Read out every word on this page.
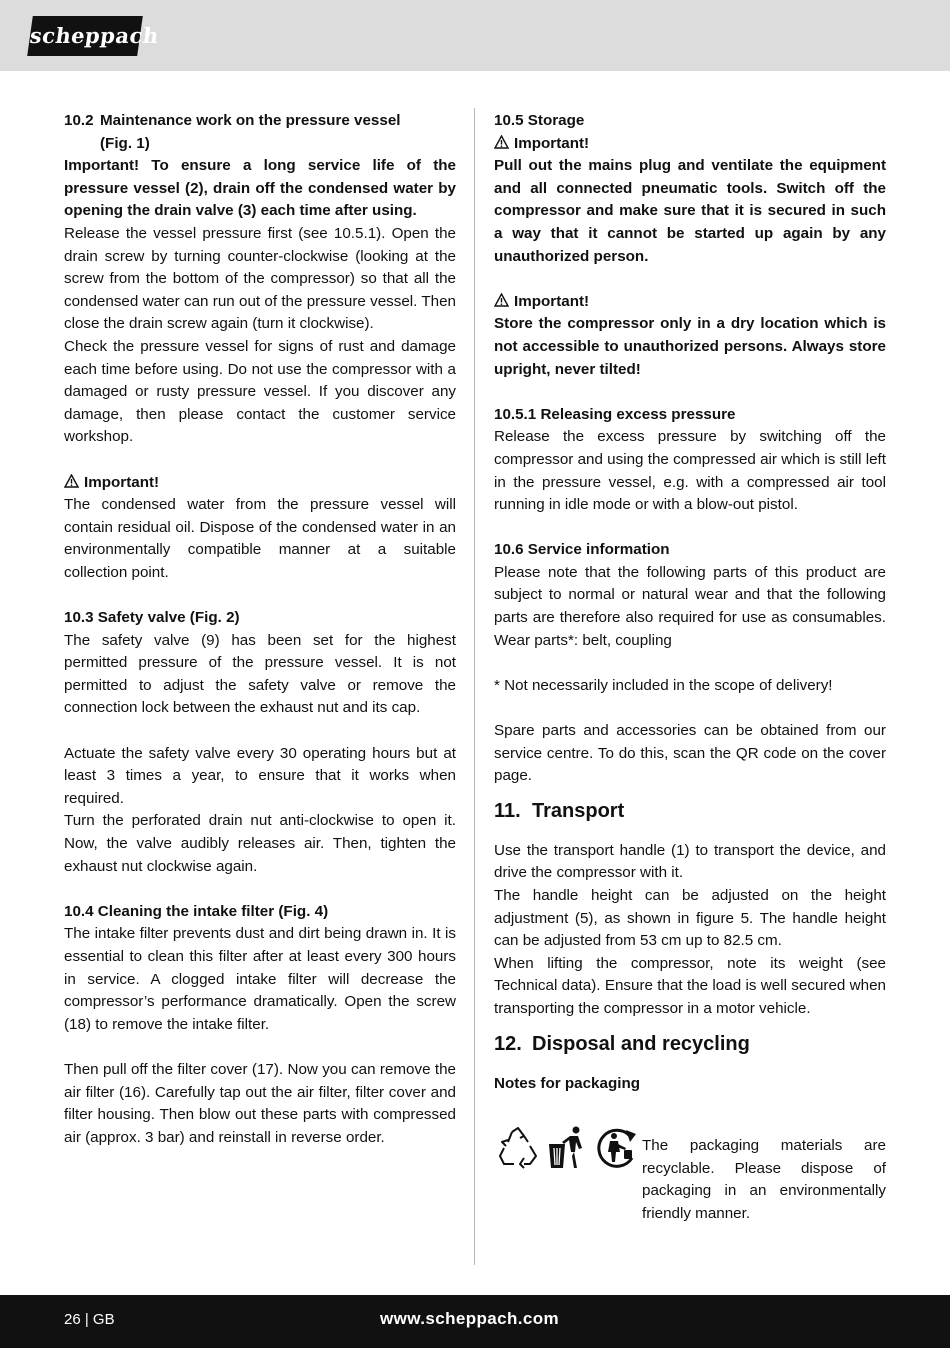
scheppach
10.2 Maintenance work on the pressure vessel
(Fig. 1)

Important! To ensure a long service life of the pressure vessel (2), drain off the condensed water by opening the drain valve (3) each time after using.

Release the vessel pressure first (see 10.5.1). Open the drain screw by turning counter-clockwise (looking at the screw from the bottom of the compressor) so that all the condensed water can run out of the pressure vessel. Then close the drain screw again (turn it clockwise).

Check the pressure vessel for signs of rust and damage each time before using. Do not use the compressor with a damaged or rusty pressure vessel. If you discover any damage, then please contact the customer service workshop.

Important!

The condensed water from the pressure vessel will contain residual oil. Dispose of the condensed water in an environmentally compatible manner at a suitable collection point.

10.3 Safety valve (Fig. 2)

The safety valve (9) has been set for the highest permitted pressure of the pressure vessel. It is not permitted to adjust the safety valve or remove the connection lock between the exhaust nut and its cap.

Actuate the safety valve every 30 operating hours but at least 3 times a year, to ensure that it works when required.

Turn the perforated drain nut anti-clockwise to open it. Now, the valve audibly releases air. Then, tighten the exhaust nut clockwise again.

10.4 Cleaning the intake filter (Fig. 4)

The intake filter prevents dust and dirt being drawn in. It is essential to clean this filter after at least every 300 hours in service. A clogged intake filter will decrease the compressor’s performance dramatically. Open the screw (18) to remove the intake filter.

Then pull off the filter cover (17). Now you can remove the air filter (16). Carefully tap out the air filter, filter cover and filter housing. Then blow out these parts with compressed air (approx. 3 bar) and reinstall in reverse order.

10.5 Storage
Important!

Pull out the mains plug and ventilate the equipment and all connected pneumatic tools. Switch off the compressor and make sure that it is secured in such a way that it cannot be started up again by any unauthorized person.

Important!

Store the compressor only in a dry location which is not accessible to unauthorized persons. Always store upright, never tilted!

10.5.1 Releasing excess pressure

Release the excess pressure by switching off the compressor and using the compressed air which is still left in the pressure vessel, e.g. with a compressed air tool running in idle mode or with a blow-out pistol.

10.6 Service information

Please note that the following parts of this product are subject to normal or natural wear and that the following parts are therefore also required for use as consumables. Wear parts*: belt, coupling

* Not necessarily included in the scope of delivery!

Spare parts and accessories can be obtained from our service centre. To do this, scan the QR code on the cover page.

11. Transport

Use the transport handle (1) to transport the device, and drive the compressor with it.

The handle height can be adjusted on the height adjustment (5), as shown in figure 5. The handle height can be adjusted from 53 cm up to 82.5 cm.

When lifting the compressor, note its weight (see Technical data). Ensure that the load is well secured when transporting the compressor in a motor vehicle.

12. Disposal and recycling
Notes for packaging

The packaging materials are recyclable. Please dispose of packaging in an environmentally friendly manner.

26 | GB	www.scheppach.com
